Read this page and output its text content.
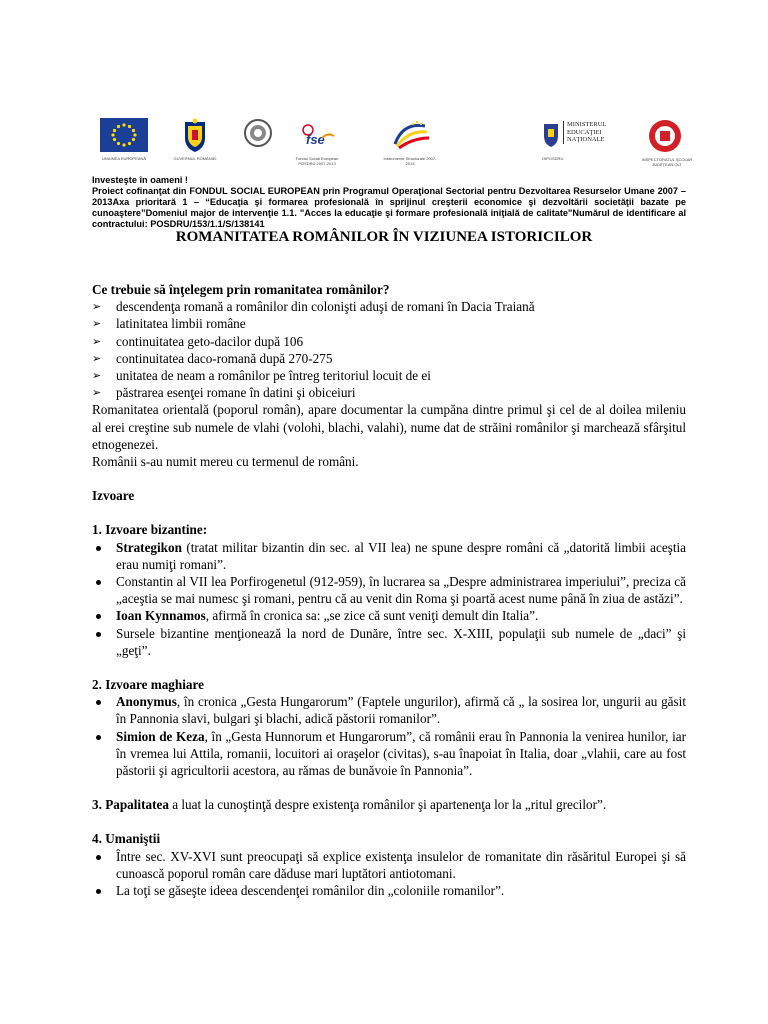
UNIUNEA EUROPEANĂ	GUVERNUL ROMÂNIEI
fse
Fondul Social European POSDRU 2007-2013
Instrumente Structurale 2007-2013
MINISTERUL
EDUCAŢIEI
NAŢIONALE
OIPOSDRU	INSPECTORATUL ŞCOLAR JUDEŢEAN OLT
Investeşte în oameni !
Proiect cofinanţat din FONDUL SOCIAL EUROPEAN prin Programul Operaţional Sectorial pentru Dezvoltarea Resurselor Umane 2007 – 2013Axa prioritară 1 – “Educaţia şi formarea profesională în sprijinul creşterii economice şi dezvoltării societăţii bazate pe cunoaştere”Domeniul major de intervenţie 1.1. "Acces la educaţie şi formare profesională iniţială de calitate"Numărul de identificare al contractului: POSDRU/153/1.1/S/138141
ROMANITATEA ROMÂNILOR ÎN VIZIUNEA ISTORICILOR

Ce trebuie să înţelegem prin romanitatea românilor?

➢ descendenţa romană a românilor din colonişti aduşi de romani în Dacia Traiană
➢ latinitatea limbii române
➢ continuitatea geto-dacilor după 106
➢ continuitatea daco-romană după 270-275
➢ unitatea de neam a românilor pe întreg teritoriul locuit de ei
➢ păstrarea esenţei romane în datini şi obiceiuri

Romanitatea orientală (poporul român), apare documentar la cumpăna dintre primul şi cel de al doilea mileniu al erei creştine sub numele de vlahi (volohi, blachi, valahi), nume dat de străini românilor şi marchează sfârşitul etnogenezei.

Românii s-au numit mereu cu termenul de români.

Izvoare

1. Izvoare bizantine:

Strategikon (tratat militar bizantin din sec. al VII lea) ne spune despre români că „datorită limbii aceştia erau numiţi romani”.
Constantin al VII lea Porfirogenetul (912-959), în lucrarea sa „Despre administrarea imperiului”, preciza că „aceştia se mai numesc şi romani, pentru că au venit din Roma şi poartă acest nume până în ziua de astăzi”.
Ioan Kynnamos, afirmă în cronica sa: „se zice că sunt veniţi demult din Italia”.
Sursele bizantine menţionează la nord de Dunăre, între sec. X-XIII, populaţii sub numele de „daci” şi „geţi”.

2. Izvoare maghiare

Anonymus, în cronica „Gesta Hungarorum” (Faptele ungurilor), afirmă că „ la sosirea lor, ungurii au găsit în Pannonia slavi, bulgari şi blachi, adică păstorii romanilor”.
Simion de Keza, în „Gesta Hunnorum et Hungarorum”, că românii erau în Pannonia la venirea hunilor, iar în vremea lui Attila, romanii, locuitori ai oraşelor (civitas), s-au înapoiat în Italia, doar „vlahii, care au fost păstorii şi agricultorii acestora, au rămas de bunăvoie în Pannonia”.

3. Papalitatea a luat la cunoştinţă despre existenţa românilor şi apartenenţa lor la „ritul grecilor”.

4. Umaniştii

Între sec. XV-XVI sunt preocupaţi să explice existenţa insulelor de romanitate din răsăritul Europei şi să cunoască poporul român care dăduse mari luptători antiotomani.
La toţi se găseşte ideea descendenţei românilor din „coloniile romanilor”.
